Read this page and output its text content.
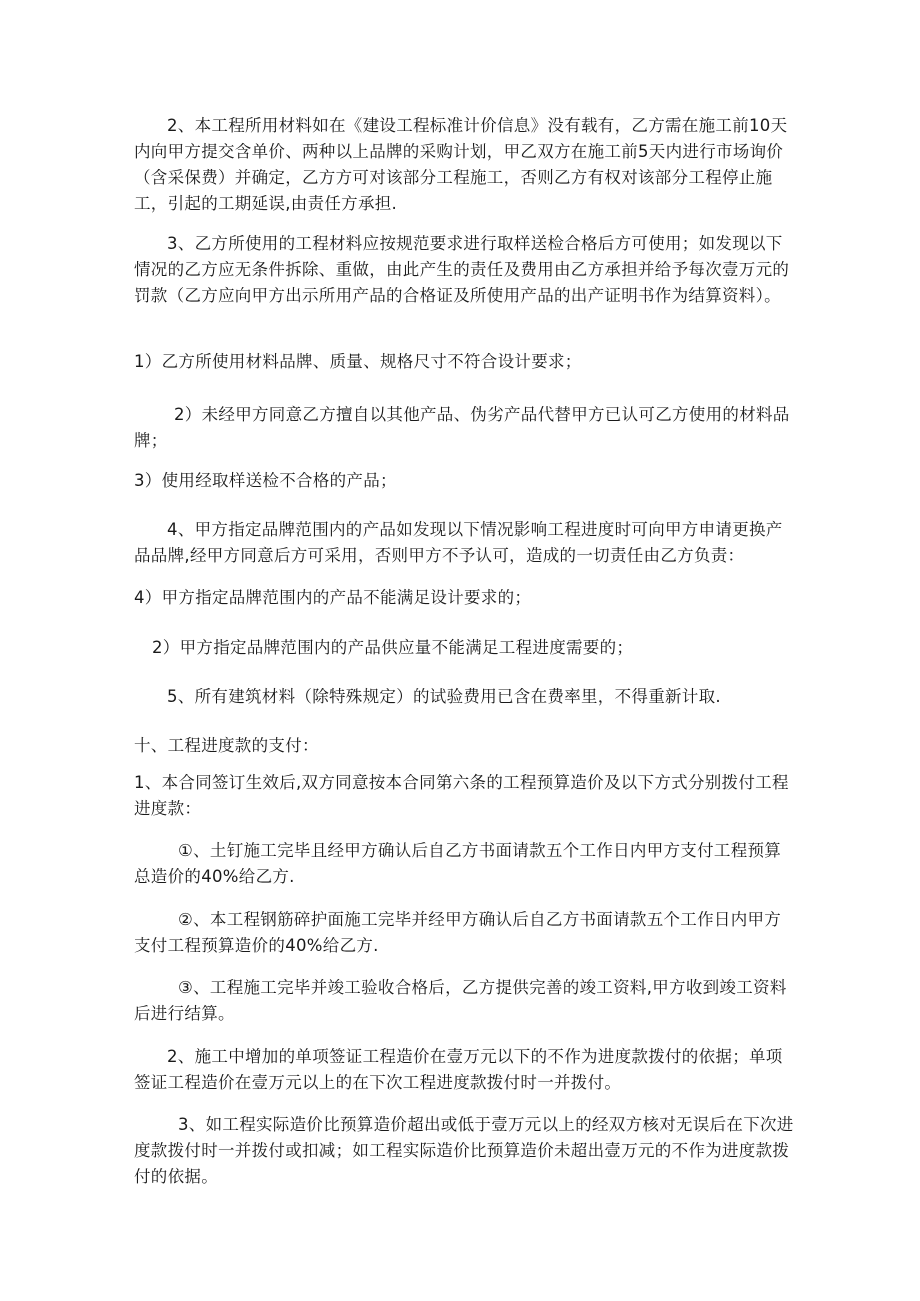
2、本工程所用材料如在《建设工程标准计价信息》没有载有，乙方需在施工前10天内向甲方提交含单价、两种以上品牌的采购计划，甲乙双方在施工前5天内进行市场询价（含采保费）并确定，乙方方可对该部分工程施工，否则乙方有权对该部分工程停止施工，引起的工期延误,由责任方承担.

3、乙方所使用的工程材料应按规范要求进行取样送检合格后方可使用；如发现以下情况的乙方应无条件拆除、重做，由此产生的责任及费用由乙方承担并给予每次壹万元的罚款（乙方应向甲方出示所用产品的合格证及所使用产品的出产证明书作为结算资料）。

1）乙方所使用材料品牌、质量、规格尺寸不符合设计要求；

2）未经甲方同意乙方擅自以其他产品、伪劣产品代替甲方已认可乙方使用的材料品牌；

3）使用经取样送检不合格的产品；

4、甲方指定品牌范围内的产品如发现以下情况影响工程进度时可向甲方申请更换产品品牌,经甲方同意后方可采用，否则甲方不予认可，造成的一切责任由乙方负责：

4）甲方指定品牌范围内的产品不能满足设计要求的；

2）甲方指定品牌范围内的产品供应量不能满足工程进度需要的；

5、所有建筑材料（除特殊规定）的试验费用已含在费率里，不得重新计取.

十、工程进度款的支付：

1、本合同签订生效后,双方同意按本合同第六条的工程预算造价及以下方式分别拨付工程进度款：

①、土钉施工完毕且经甲方确认后自乙方书面请款五个工作日内甲方支付工程预算总造价的40%给乙方.

②、本工程钢筋碎护面施工完毕并经甲方确认后自乙方书面请款五个工作日内甲方支付工程预算造价的40%给乙方.

③、工程施工完毕并竣工验收合格后，乙方提供完善的竣工资料,甲方收到竣工资料后进行结算。

2、施工中增加的单项签证工程造价在壹万元以下的不作为进度款拨付的依据；单项签证工程造价在壹万元以上的在下次工程进度款拨付时一并拨付。

3、如工程实际造价比预算造价超出或低于壹万元以上的经双方核对无误后在下次进度款拨付时一并拨付或扣减；如工程实际造价比预算造价未超出壹万元的不作为进度款拨付的依据。
